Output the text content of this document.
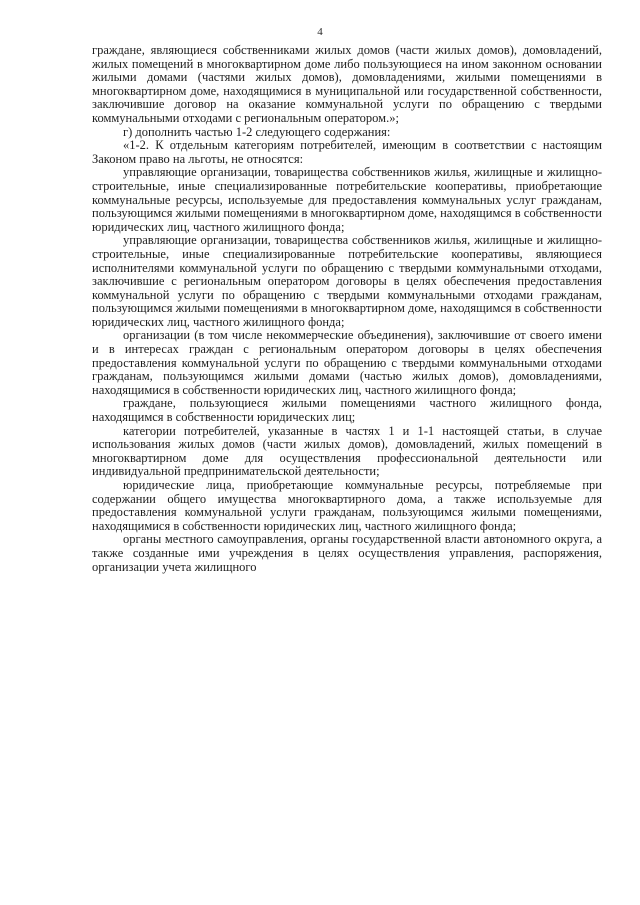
4

граждане, являющиеся собственниками жилых домов (части жилых домов), домовладений, жилых помещений в многоквартирном доме либо пользующиеся на ином законном основании жилыми домами (частями жилых домов), домовладениями, жилыми помещениями в многоквартирном доме, находящимися в муниципальной или государственной собственности, заключившие договор на оказание коммунальной услуги по обращению с твердыми коммунальными отходами с региональным оператором.»;

г) дополнить частью 1-2 следующего содержания:

«1-2. К отдельным категориям потребителей, имеющим в соответствии с настоящим Законом право на льготы, не относятся:

управляющие организации, товарищества собственников жилья, жилищные и жилищно-строительные, иные специализированные потребительские кооперативы, приобретающие коммунальные ресурсы, используемые для предоставления коммунальных услуг гражданам, пользующимся жилыми помещениями в многоквартирном доме, находящимся в собственности юридических лиц, частного жилищного фонда;

управляющие организации, товарищества собственников жилья, жилищные и жилищно-строительные, иные специализированные потребительские кооперативы, являющиеся исполнителями коммунальной услуги по обращению с твердыми коммунальными отходами, заключившие с региональным оператором договоры в целях обеспечения предоставления коммунальной услуги по обращению с твердыми коммунальными отходами гражданам, пользующимся жилыми помещениями в многоквартирном доме, находящимся в собственности юридических лиц, частного жилищного фонда;

организации (в том числе некоммерческие объединения), заключившие от своего имени и в интересах граждан с региональным оператором договоры в целях обеспечения предоставления коммунальной услуги по обращению с твердыми коммунальными отходами гражданам, пользующимся жилыми домами (частью жилых домов), домовладениями, находящимися в собственности юридических лиц, частного жилищного фонда;

граждане, пользующиеся жилыми помещениями частного жилищного фонда, находящимся в собственности юридических лиц;

категории потребителей, указанные в частях 1 и 1-1 настоящей статьи, в случае использования жилых домов (части жилых домов), домовладений, жилых помещений в многоквартирном доме для осуществления профессиональной деятельности или индивидуальной предпринимательской деятельности;

юридические лица, приобретающие коммунальные ресурсы, потребляемые при содержании общего имущества многоквартирного дома, а также используемые для предоставления коммунальной услуги гражданам, пользующимся жилыми помещениями, находящимися в собственности юридических лиц, частного жилищного фонда;

органы местного самоуправления, органы государственной власти автономного округа, а также созданные ими учреждения в целях осуществления управления, распоряжения, организации учета жилищного
